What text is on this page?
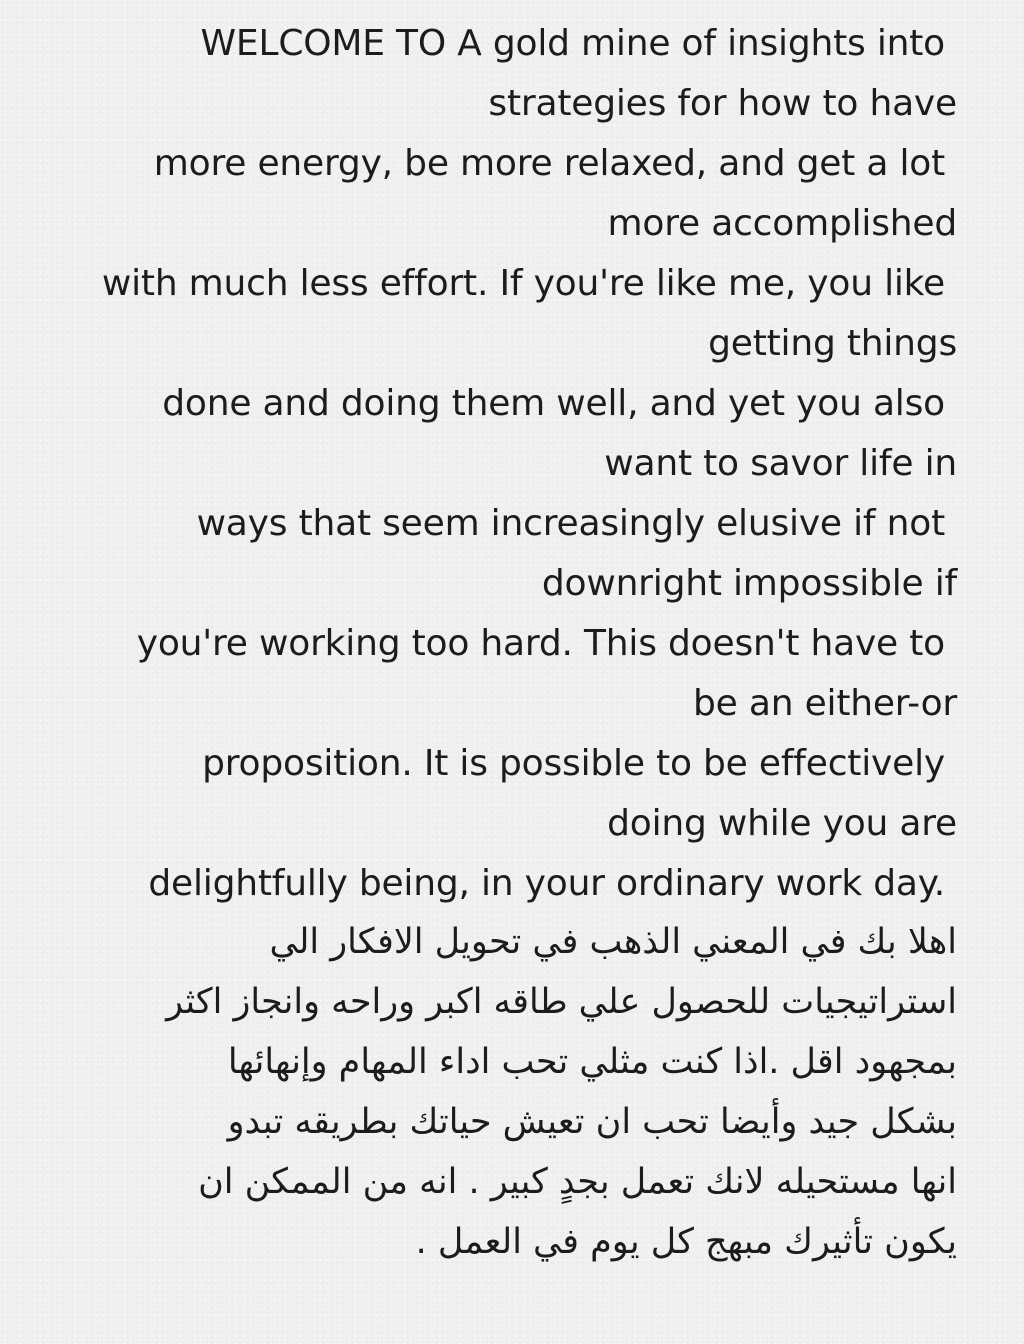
WELCOME TO A gold mine of insights into
strategies for how to have
more energy, be more relaxed, and get a lot
more accomplished
with much less effort. If you're like me, you like
getting things
done and doing them well, and yet you also
want to savor life in
ways that seem increasingly elusive if not
downright impossible if
you're working too hard. This doesn't have to
be an either-or
proposition. It is possible to be effectively
doing while you are
delightfully being, in your ordinary work day.
اهلا بك في المعني الذهب في تحويل الافكار الي
استراتيجيات للحصول علي طاقه اكبر وراحه وانجاز اكثر
بمجهود اقل .اذا كنت مثلي تحب اداء المهام وإنهائها
بشكل جيد وأيضا تحب ان تعيش حياتك بطريقه تبدو
انها مستحيله لانك تعمل بجدٍ كبير . انه من الممكن ان
يكون تأثيرك مبهج كل يوم في العمل .
